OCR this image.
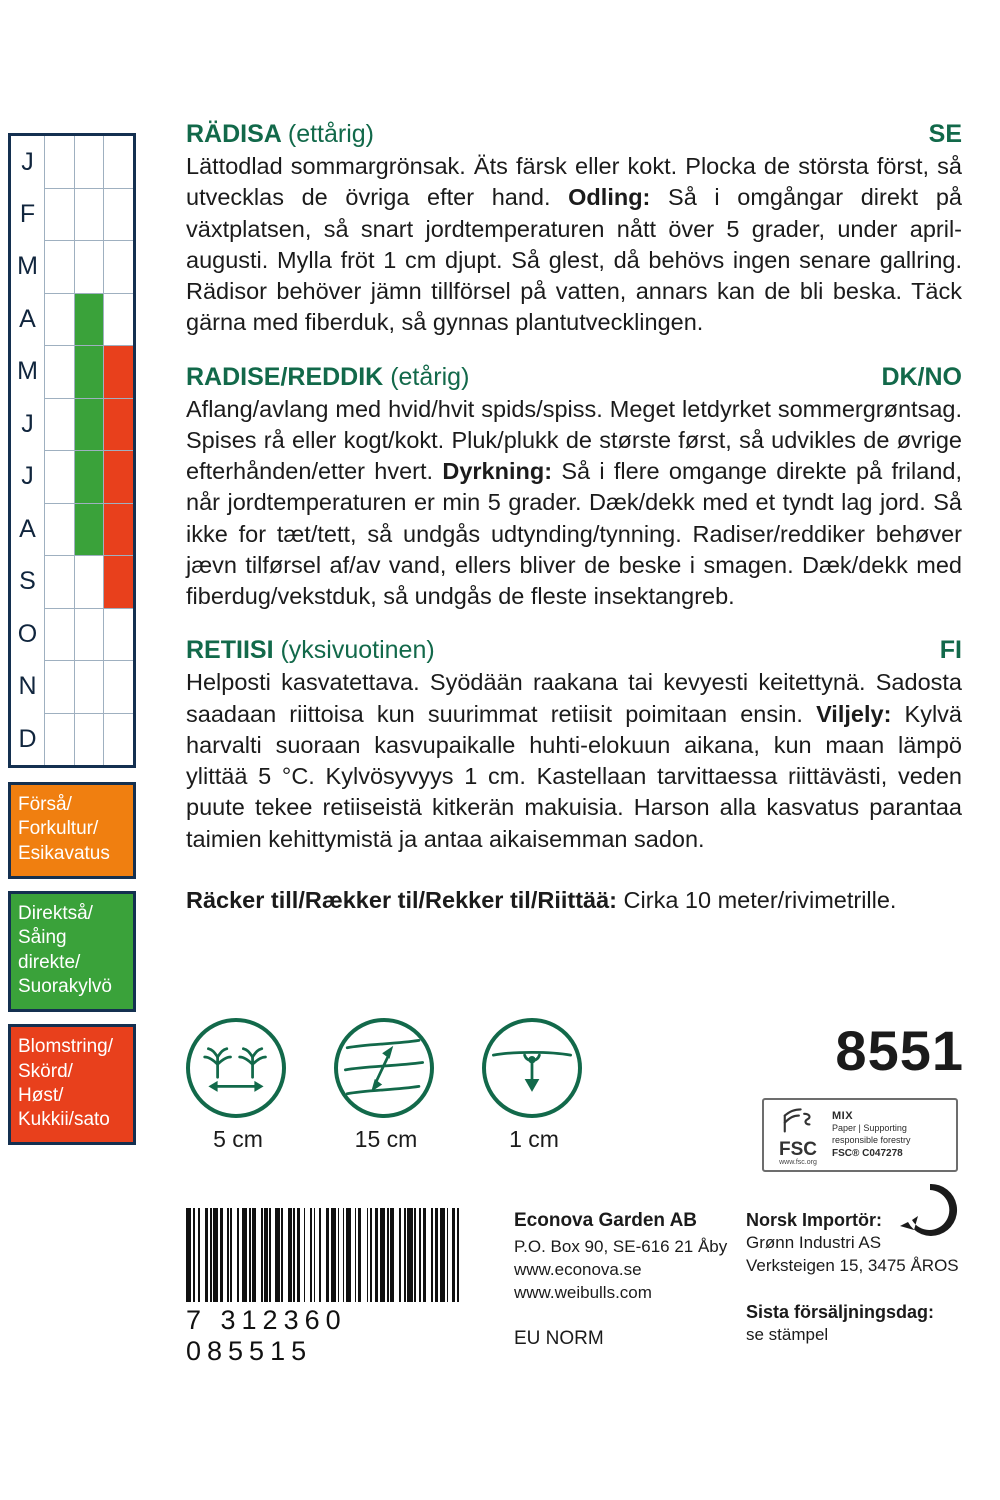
J			
F			
M			
A			
M			
J			
J			
A			
S			
O			
N			
D			
Förså/
Forkultur/
Esikavatus
Direktså/
Såing
direkte/
Suorakylvö
Blomstring/
Skörd/
Høst/
Kukkii/sato
RÄDISA (ettårig)	SE
Lättodlad sommargrönsak. Äts färsk eller kokt. Plocka de största först, så utvecklas de övriga efter hand. Odling: Så i omgångar direkt på växtplatsen, så snart jordtemperaturen nått över 5 grader, under april-augusti. Mylla fröt 1 cm djupt. Så glest, då behövs ingen senare gallring. Rädisor behöver jämn tillförsel på vatten, annars kan de bli beska. Täck gärna med fiberduk, så gynnas plantutvecklingen.
RADISE/REDDIK (etårig)	DK/NO
Aflang/avlang med hvid/hvit spids/spiss. Meget letdyrket sommergrøntsag. Spises rå eller kogt/kokt. Pluk/plukk de største først, så udvikles de øvrige efterhånden/etter hvert. Dyrkning: Så i flere omgange direkte på friland, når jordtemperaturen er min 5 grader. Dæk/dekk med et tyndt lag jord. Så ikke for tæt/tett, så undgås udtynding/tynning. Radiser/reddiker behøver jævn tilførsel af/av vand, ellers bliver de beske i smagen. Dæk/dekk med fiberdug/vekstduk, så undgås de fleste insektangreb.
RETIISI (yksivuotinen)	FI
Helposti kasvatettava. Syödään raakana tai kevyesti keitettynä. Sadosta saadaan riittoisa kun suurimmat retiisit poimitaan ensin. Viljely: Kylvä harvalti suoraan kasvupaikalle huhti-elokuun aikana, kun maan lämpö ylittää 5 °C. Kylvösyvyys 1 cm. Kastellaan tarvittaessa riittävästi, veden puute tekee retiiseistä kitkerän makuisia. Harson alla kasvatus parantaa taimien kehittymistä ja antaa aikaisemman sadon.
Räcker till/Rækker til/Rekker til/Riittää: Cirka 10 meter/rivimetrille.
5 cm	15 cm	1 cm
8551
FSC
www.fsc.org
MIX
Paper | Supporting
responsible forestry
FSC® C047278
7 312360 085515
Econova Garden AB
P.O. Box 90, SE-616 21 Åby
www.econova.se
www.weibulls.com
EU NORM
Norsk Importör:
Grønn Industri AS
Verksteigen 15, 3475 ÅROS
Sista försäljningsdag:
se stämpel
